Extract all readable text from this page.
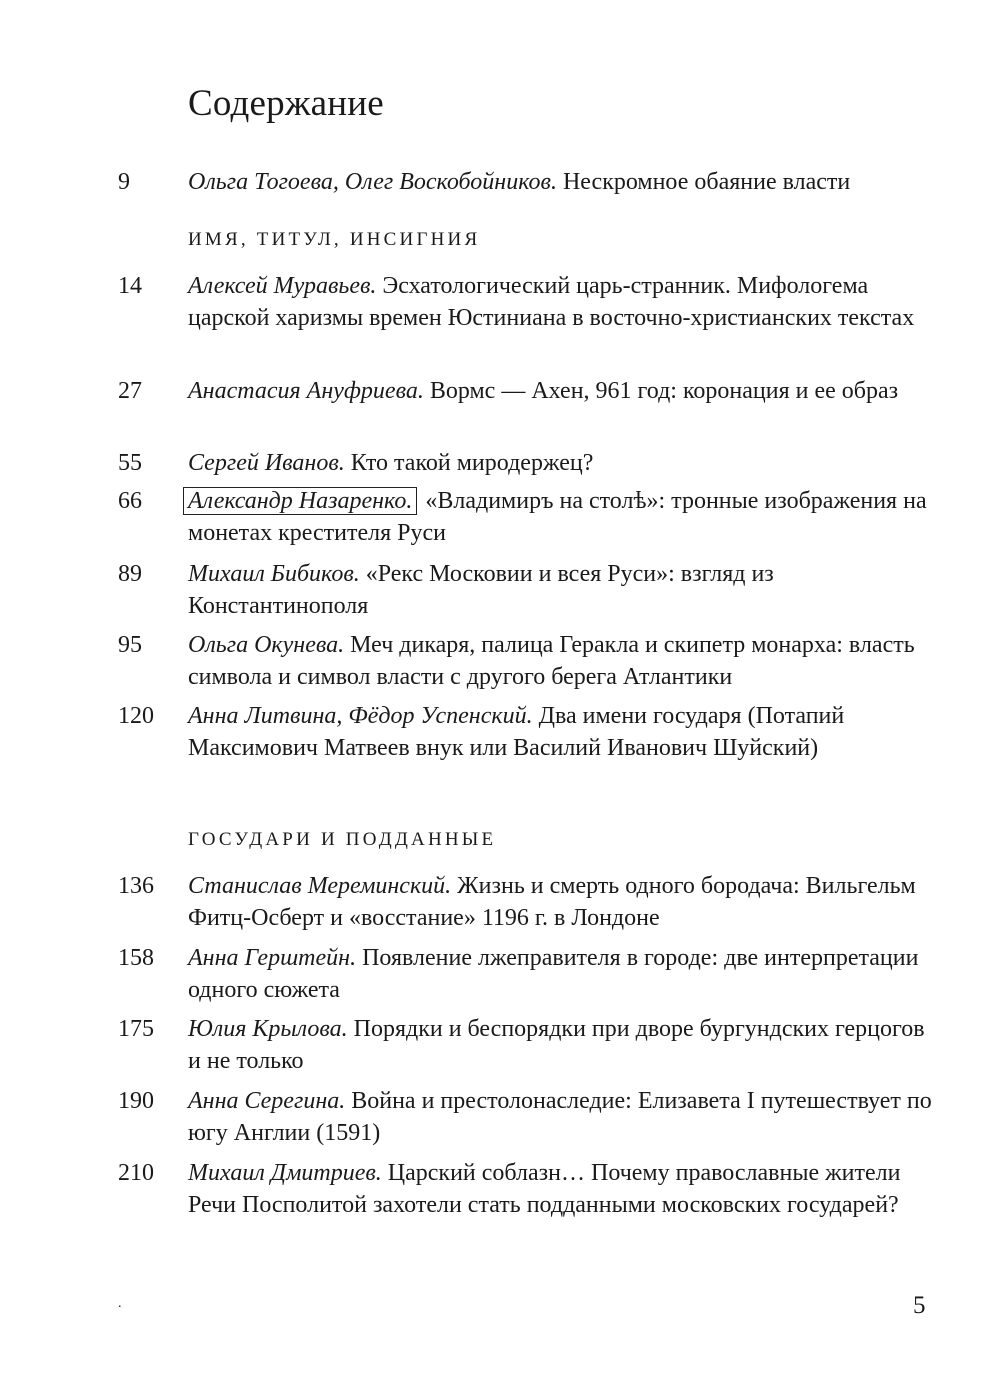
Содержание
9 Ольга Тогоева, Олег Воскобойников. Нескромное обаяние власти
ИМЯ, ТИТУЛ, ИНСИГНИЯ
14 Алексей Муравьев. Эсхатологический царь-странник. Мифологема царской харизмы времен Юстиниана в восточно-христианских текстах
27 Анастасия Ануфриева. Вормс — Ахен, 961 год: коронация и ее образ
55 Сергей Иванов. Кто такой миродержец?
66 Александр Назаренко. «Владимиръ на столѣ»: тронные изображения на монетах крестителя Руси
89 Михаил Бибиков. «Рекс Московии и всея Руси»: взгляд из Константинополя
95 Ольга Окунева. Меч дикаря, палица Геракла и скипетр монарха: власть символа и символ власти с другого берега Атлантики
120 Анна Литвина, Фёдор Успенский. Два имени государя (Потапий Максимович Матвеев внук или Василий Иванович Шуйский)
ГОСУДАРИ И ПОДДАННЫЕ
136 Станислав Мереминский. Жизнь и смерть одного бородача: Вильгельм Фитц-Осберт и «восстание» 1196 г. в Лондоне
158 Анна Герштейн. Появление лжеправителя в городе: две интерпретации одного сюжета
175 Юлия Крылова. Порядки и беспорядки при дворе бургундских герцогов и не только
190 Анна Серегина. Война и престолонаследие: Елизавета I путешествует по югу Англии (1591)
210 Михаил Дмитриев. Царский соблазн… Почему православные жители Речи Посполитой захотели стать подданными московских государей?
.	5
